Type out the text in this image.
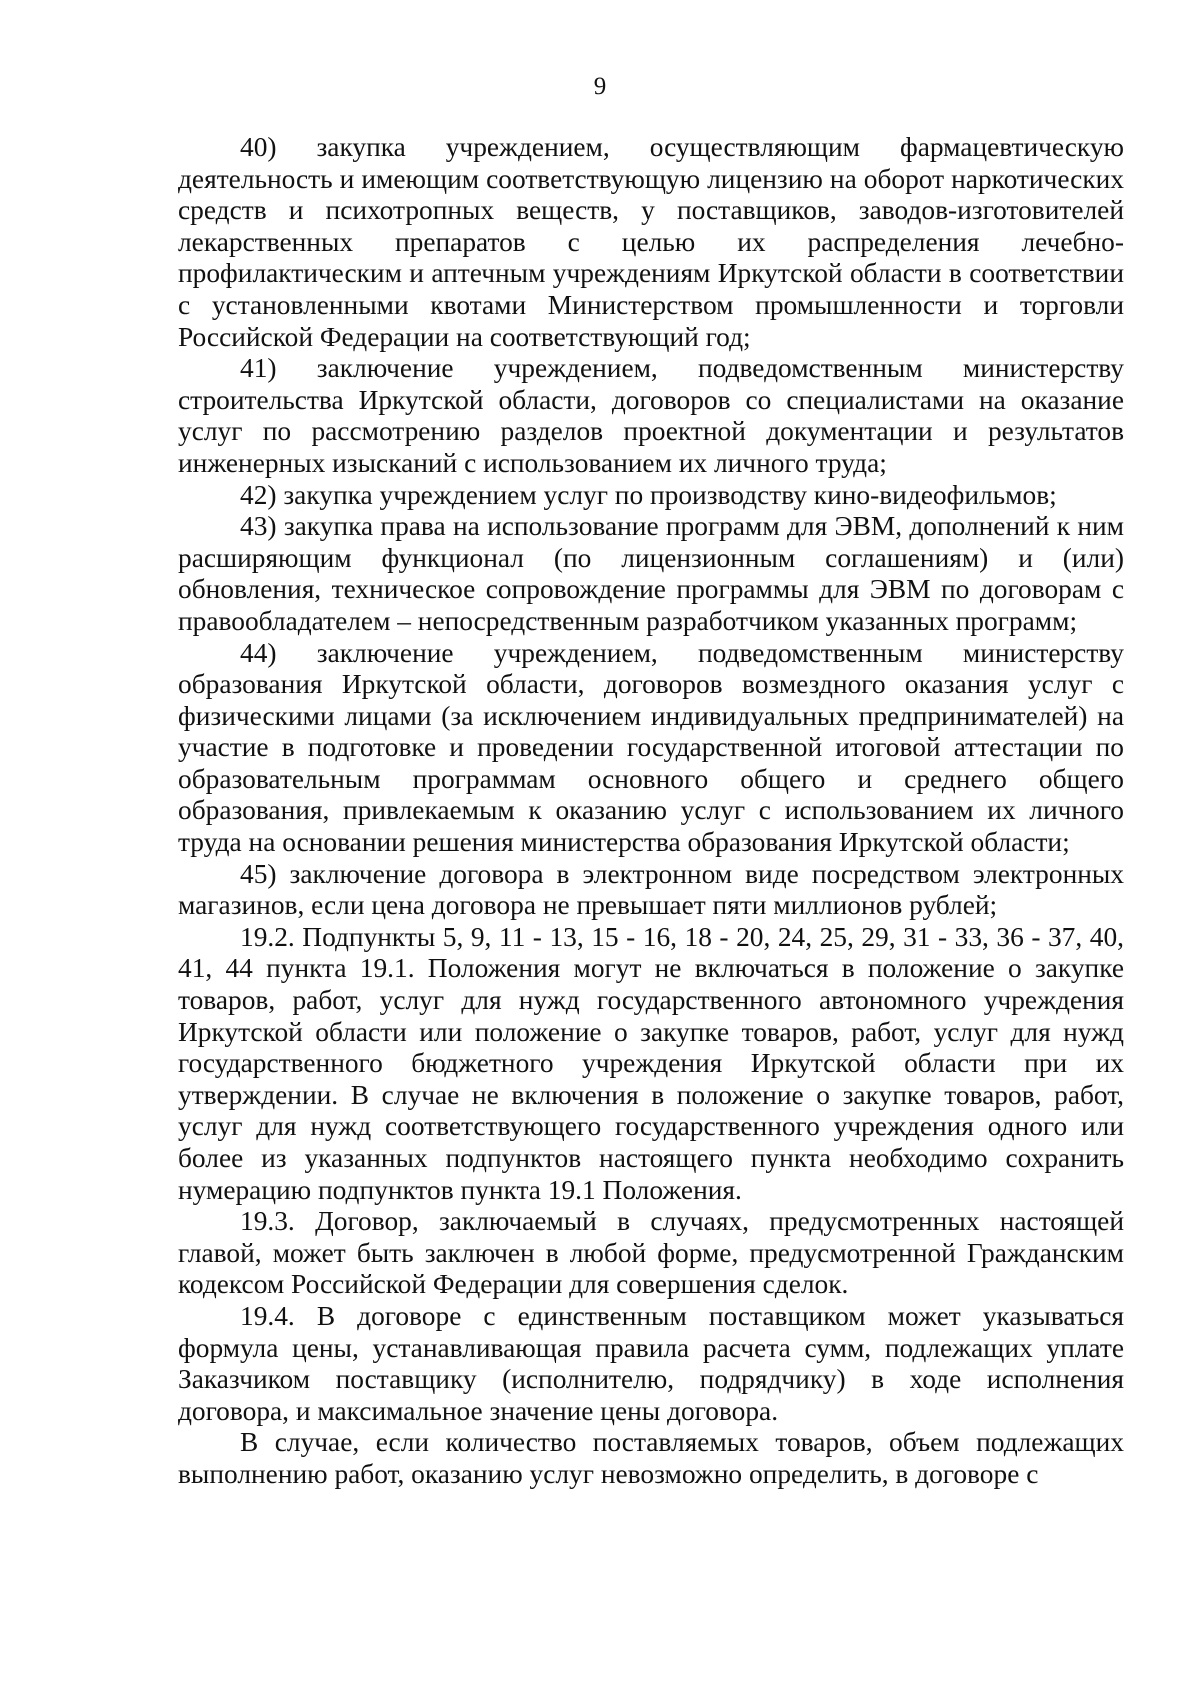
9

40) закупка учреждением, осуществляющим фармацевтическую деятельность и имеющим соответствующую лицензию на оборот наркотических средств и психотропных веществ, у поставщиков, заводов-изготовителей лекарственных препаратов с целью их распределения лечебно-профилактическим и аптечным учреждениям Иркутской области в соответствии с установленными квотами Министерством промышленности и торговли Российской Федерации на соответствующий год;

41) заключение учреждением, подведомственным министерству строительства Иркутской области, договоров со специалистами на оказание услуг по рассмотрению разделов проектной документации и результатов инженерных изысканий с использованием их личного труда;

42) закупка учреждением услуг по производству кино-видеофильмов;

43) закупка права на использование программ для ЭВМ, дополнений к ним расширяющим функционал (по лицензионным соглашениям) и (или) обновления, техническое сопровождение программы для ЭВМ по договорам с правообладателем – непосредственным разработчиком указанных программ;

44) заключение учреждением, подведомственным министерству образования Иркутской области, договоров возмездного оказания услуг с физическими лицами (за исключением индивидуальных предпринимателей) на участие в подготовке и проведении государственной итоговой аттестации по образовательным программам основного общего и среднего общего образования, привлекаемым к оказанию услуг с использованием их личного труда на основании решения министерства образования Иркутской области;

45) заключение договора в электронном виде посредством электронных магазинов, если цена договора не превышает пяти миллионов рублей;

19.2. Подпункты 5, 9, 11 - 13, 15 - 16, 18 - 20, 24, 25, 29, 31 - 33, 36 - 37, 40, 41, 44 пункта 19.1. Положения могут не включаться в положение о закупке товаров, работ, услуг для нужд государственного автономного учреждения Иркутской области или положение о закупке товаров, работ, услуг для нужд государственного бюджетного учреждения Иркутской области при их утверждении. В случае не включения в положение о закупке товаров, работ, услуг для нужд соответствующего государственного учреждения одного или более из указанных подпунктов настоящего пункта необходимо сохранить нумерацию подпунктов пункта 19.1 Положения.

19.3. Договор, заключаемый в случаях, предусмотренных настоящей главой, может быть заключен в любой форме, предусмотренной Гражданским кодексом Российской Федерации для совершения сделок.

19.4. В договоре с единственным поставщиком может указываться формула цены, устанавливающая правила расчета сумм, подлежащих уплате Заказчиком поставщику (исполнителю, подрядчику) в ходе исполнения договора, и максимальное значение цены договора.

В случае, если количество поставляемых товаров, объем подлежащих выполнению работ, оказанию услуг невозможно определить, в договоре с
